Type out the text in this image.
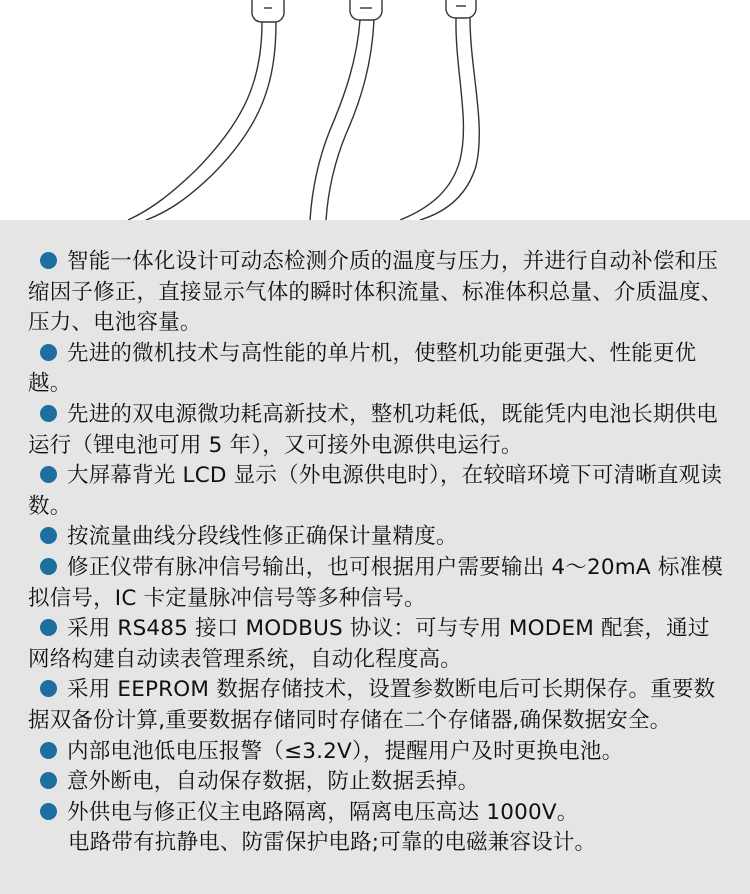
智能一体化设计可动态检测介质的温度与压力，并进行自动补偿和压缩因子修正，直接显示气体的瞬时体积流量、标准体积总量、介质温度、压力、电池容量。
先进的微机技术与高性能的单片机，使整机功能更强大、性能更优越。
先进的双电源微功耗高新技术，整机功耗低，既能凭内电池长期供电运行（锂电池可用 5 年），又可接外电源供电运行。
大屏幕背光 LCD 显示（外电源供电时），在较暗环境下可清晰直观读数。
按流量曲线分段线性修正确保计量精度。
修正仪带有脉冲信号输出，也可根据用户需要输出 4～20mA 标准模拟信号，IC 卡定量脉冲信号等多种信号。
采用 RS485 接口 MODBUS 协议：可与专用 MODEM 配套，通过网络构建自动读表管理系统，自动化程度高。
采用 EEPROM 数据存储技术，设置参数断电后可长期保存。重要数据双备份计算,重要数据存储同时存储在二个存储器,确保数据安全。
内部电池低电压报警（≤3.2V），提醒用户及时更换电池。
意外断电，自动保存数据，防止数据丢掉。
外供电与修正仪主电路隔离，隔离电压高达 1000V。
电路带有抗静电、防雷保护电路;可靠的电磁兼容设计。
